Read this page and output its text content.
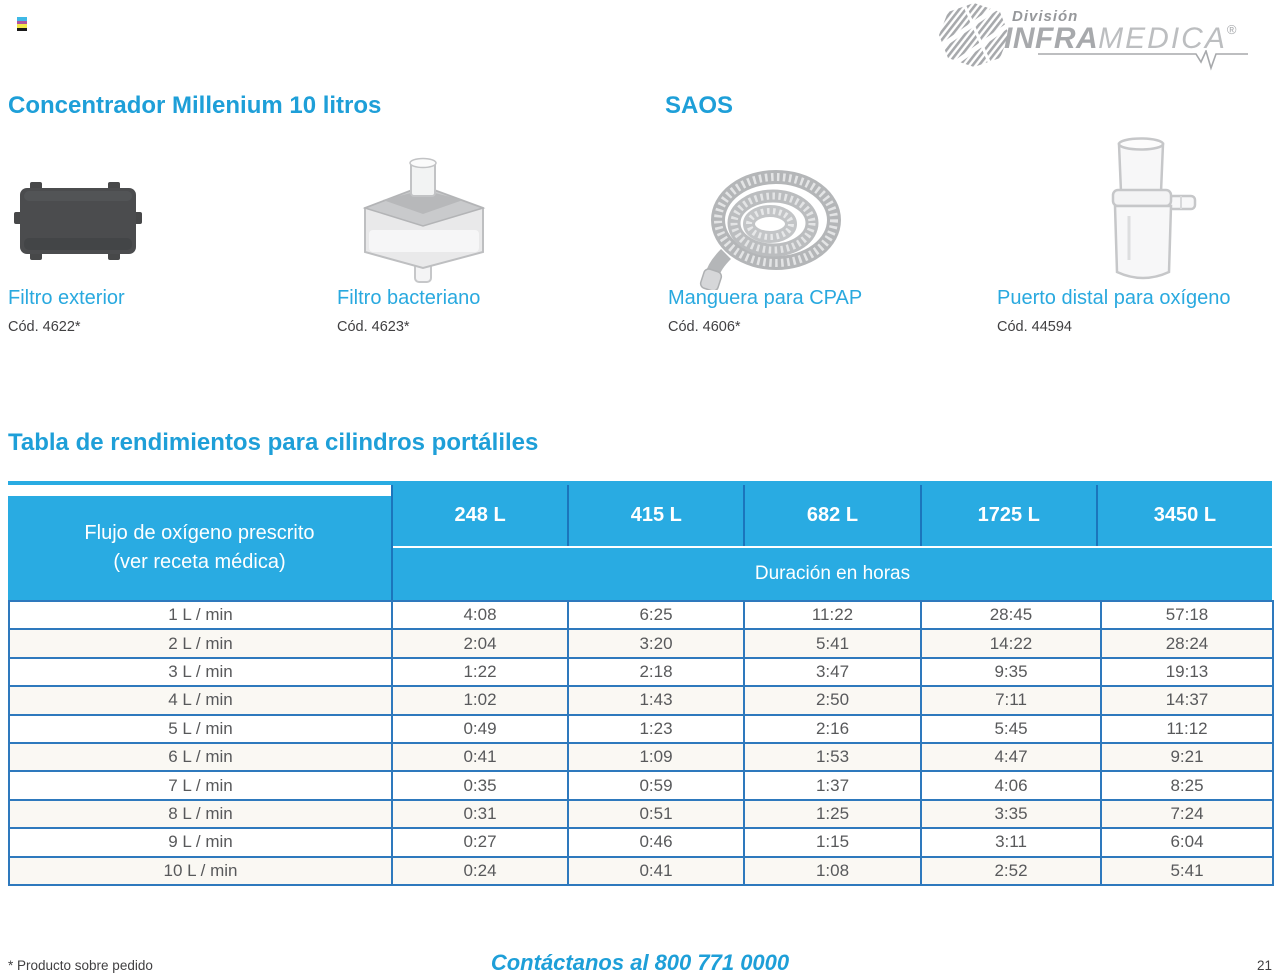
División
INFRAMEDICA®
Concentrador Millenium 10 litros	SAOS
Filtro exterior
Cód. 4622*
Filtro bacteriano
Cód. 4623*
Manguera para CPAP
Cód. 4606*
Puerto distal para oxígeno
Cód. 44594
Tabla de rendimientos para cilindros portáliles
Flujo de oxígeno prescrito
(ver receta médica)
248 L	415 L	682 L	1725 L	3450 L
Duración en horas
1 L / min	4:08	6:25	11:22	28:45	57:18
2 L / min	2:04	3:20	5:41	14:22	28:24
3 L / min	1:22	2:18	3:47	9:35	19:13
4 L / min	1:02	1:43	2:50	7:11	14:37
5 L / min	0:49	1:23	2:16	5:45	11:12
6 L / min	0:41	1:09	1:53	4:47	9:21
7 L / min	0:35	0:59	1:37	4:06	8:25
8 L / min	0:31	0:51	1:25	3:35	7:24
9 L / min	0:27	0:46	1:15	3:11	6:04
10 L / min	0:24	0:41	1:08	2:52	5:41
* Producto sobre pedido	Contáctanos al 800 771 0000	21
